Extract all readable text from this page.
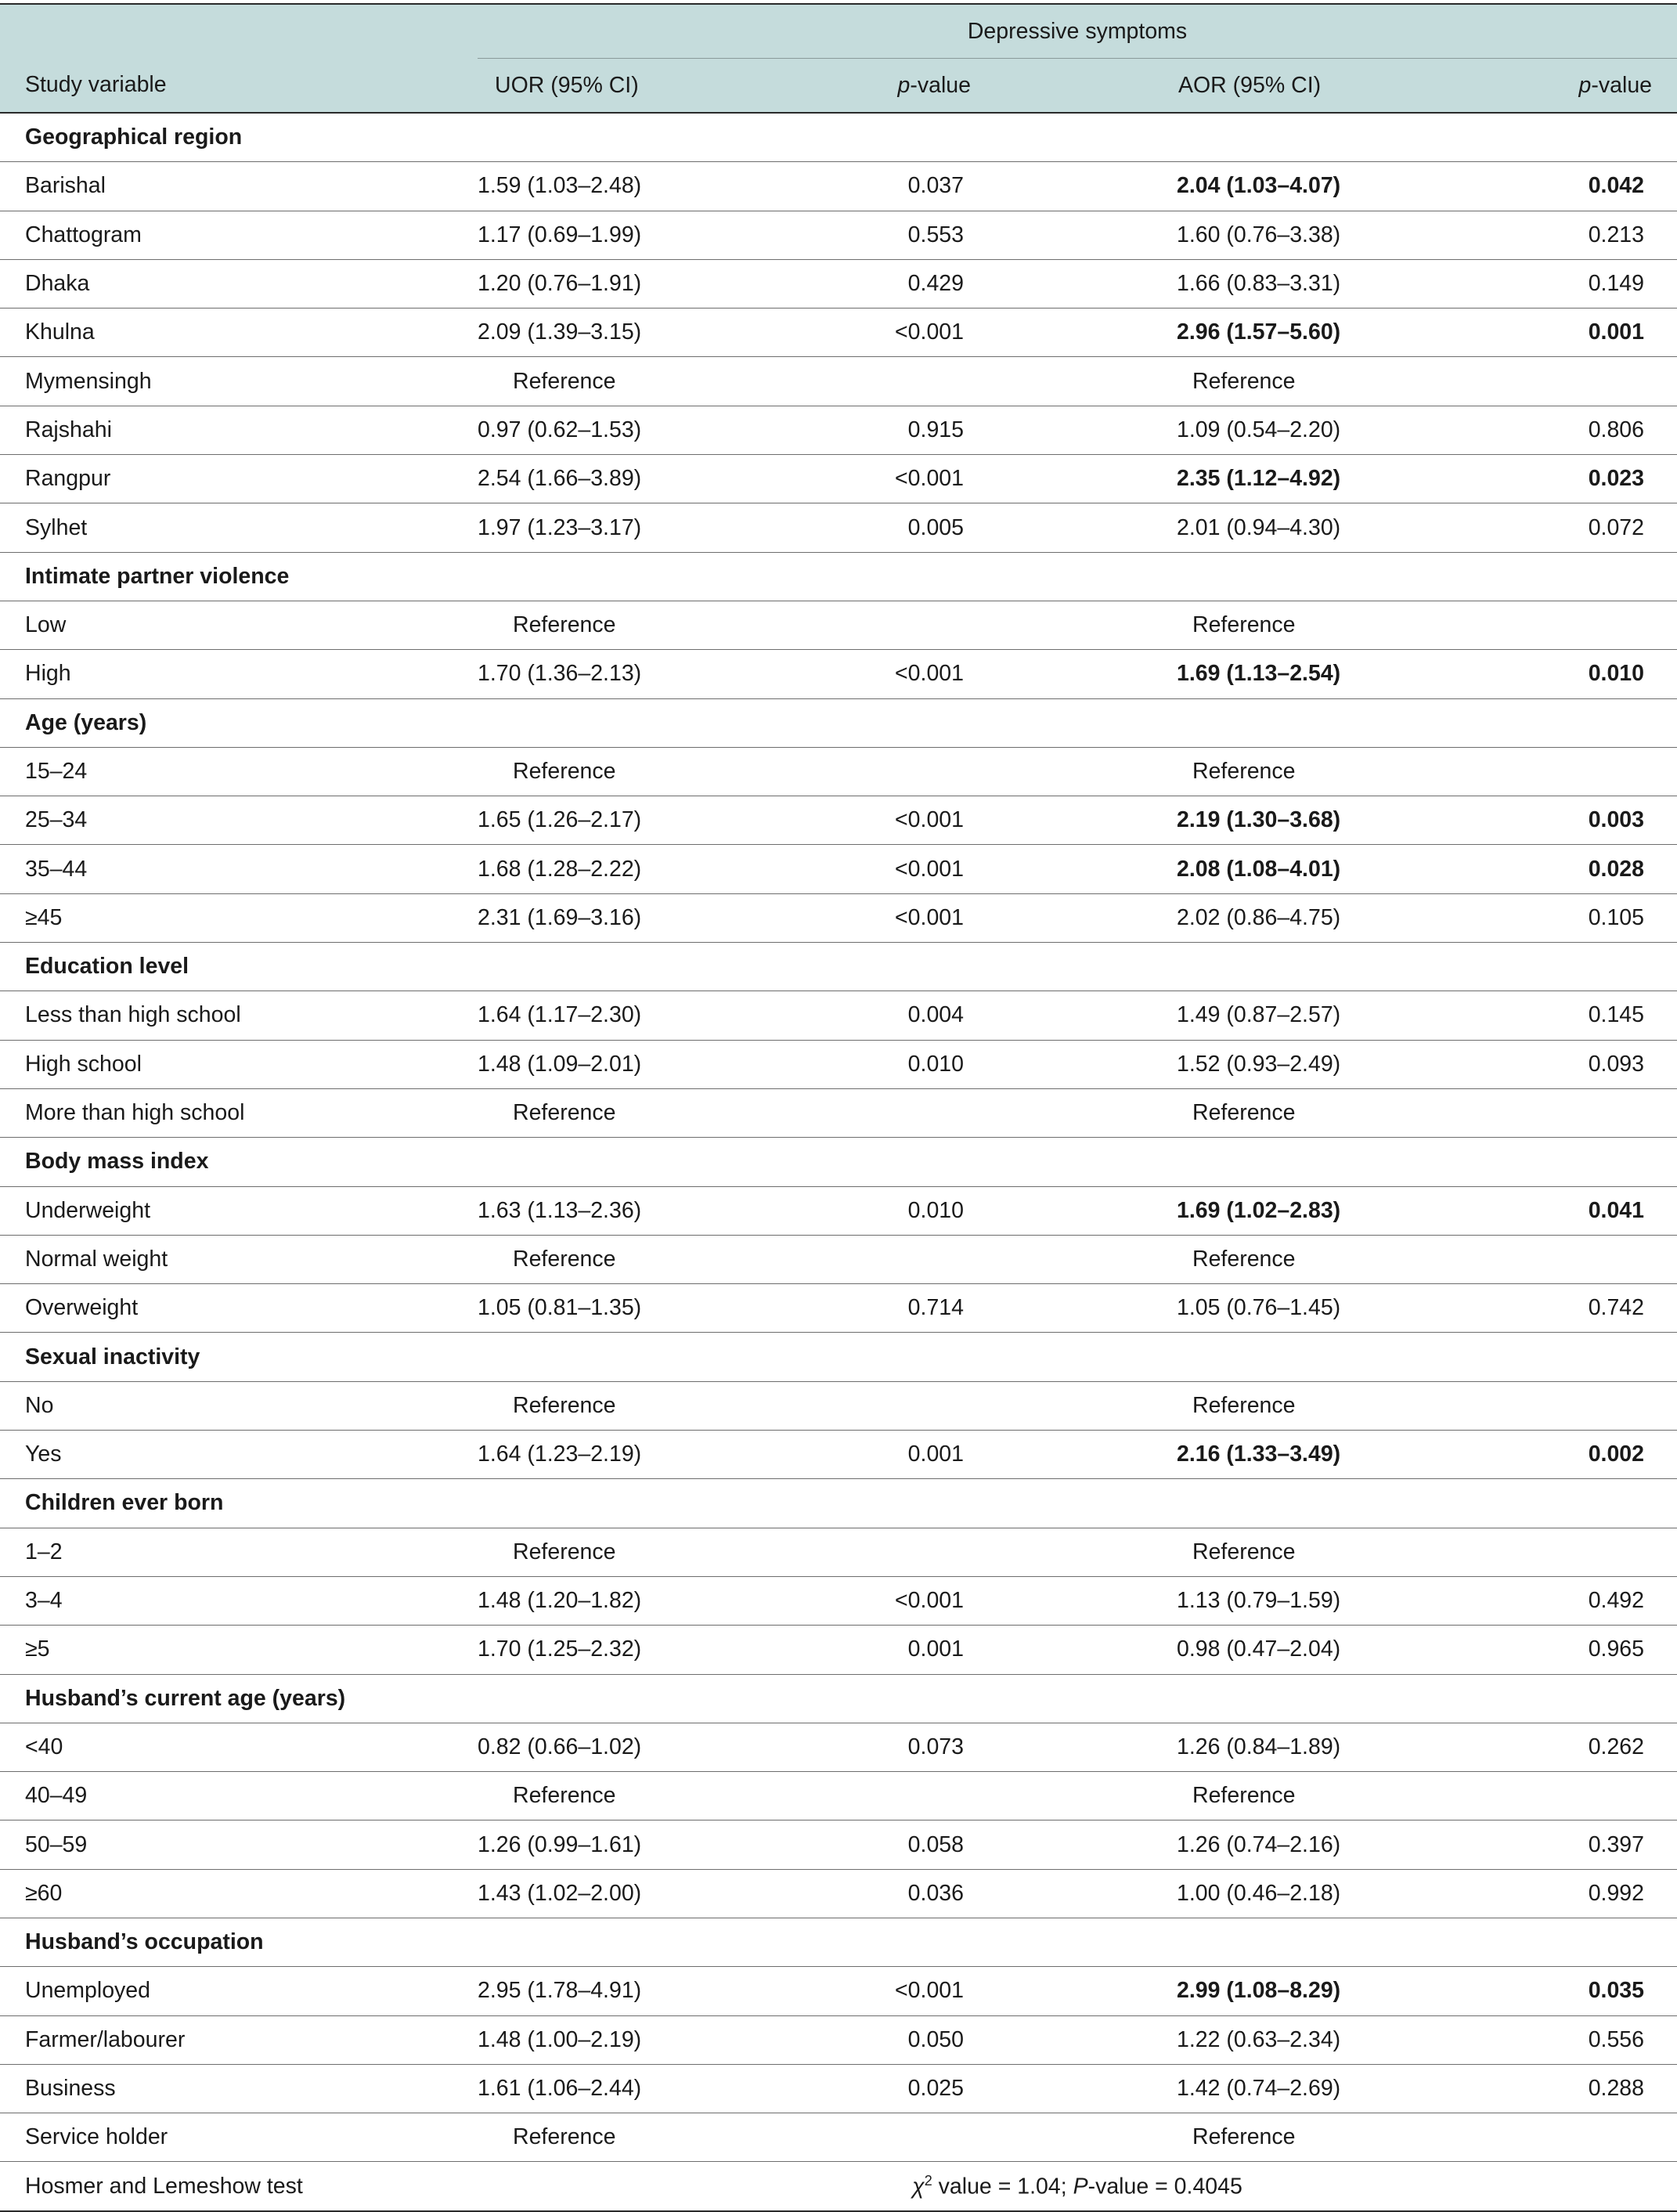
Study variable	Depressive symptoms			
	UOR (95% CI)	p-value	AOR (95% CI)	p-value
Geographical region				
Barishal	1.59 (1.03–2.48)	0.037	2.04 (1.03–4.07)	0.042
Chattogram	1.17 (0.69–1.99)	0.553	1.60 (0.76–3.38)	0.213
Dhaka	1.20 (0.76–1.91)	0.429	1.66 (0.83–3.31)	0.149
Khulna	2.09 (1.39–3.15)	<0.001	2.96 (1.57–5.60)	0.001
Mymensingh	Reference		Reference	
Rajshahi	0.97 (0.62–1.53)	0.915	1.09 (0.54–2.20)	0.806
Rangpur	2.54 (1.66–3.89)	<0.001	2.35 (1.12–4.92)	0.023
Sylhet	1.97 (1.23–3.17)	0.005	2.01 (0.94–4.30)	0.072
Intimate partner violence				
Low	Reference		Reference	
High	1.70 (1.36–2.13)	<0.001	1.69 (1.13–2.54)	0.010
Age (years)				
15–24	Reference		Reference	
25–34	1.65 (1.26–2.17)	<0.001	2.19 (1.30–3.68)	0.003
35–44	1.68 (1.28–2.22)	<0.001	2.08 (1.08–4.01)	0.028
≥45	2.31 (1.69–3.16)	<0.001	2.02 (0.86–4.75)	0.105
Education level				
Less than high school	1.64 (1.17–2.30)	0.004	1.49 (0.87–2.57)	0.145
High school	1.48 (1.09–2.01)	0.010	1.52 (0.93–2.49)	0.093
More than high school	Reference		Reference	
Body mass index				
Underweight	1.63 (1.13–2.36)	0.010	1.69 (1.02–2.83)	0.041
Normal weight	Reference		Reference	
Overweight	1.05 (0.81–1.35)	0.714	1.05 (0.76–1.45)	0.742
Sexual inactivity				
No	Reference		Reference	
Yes	1.64 (1.23–2.19)	0.001	2.16 (1.33–3.49)	0.002
Children ever born				
1–2	Reference		Reference	
3–4	1.48 (1.20–1.82)	<0.001	1.13 (0.79–1.59)	0.492
≥5	1.70 (1.25–2.32)	0.001	0.98 (0.47–2.04)	0.965
Husband’s current age (years)				
<40	0.82 (0.66–1.02)	0.073	1.26 (0.84–1.89)	0.262
40–49	Reference		Reference	
50–59	1.26 (0.99–1.61)	0.058	1.26 (0.74–2.16)	0.397
≥60	1.43 (1.02–2.00)	0.036	1.00 (0.46–2.18)	0.992
Husband’s occupation				
Unemployed	2.95 (1.78–4.91)	<0.001	2.99 (1.08–8.29)	0.035
Farmer/labourer	1.48 (1.00–2.19)	0.050	1.22 (0.63–2.34)	0.556
Business	1.61 (1.06–2.44)	0.025	1.42 (0.74–2.69)	0.288
Service holder	Reference		Reference	
Hosmer and Lemeshow test	$\chi^2$ value = 1.04; P-value = 0.4045			
